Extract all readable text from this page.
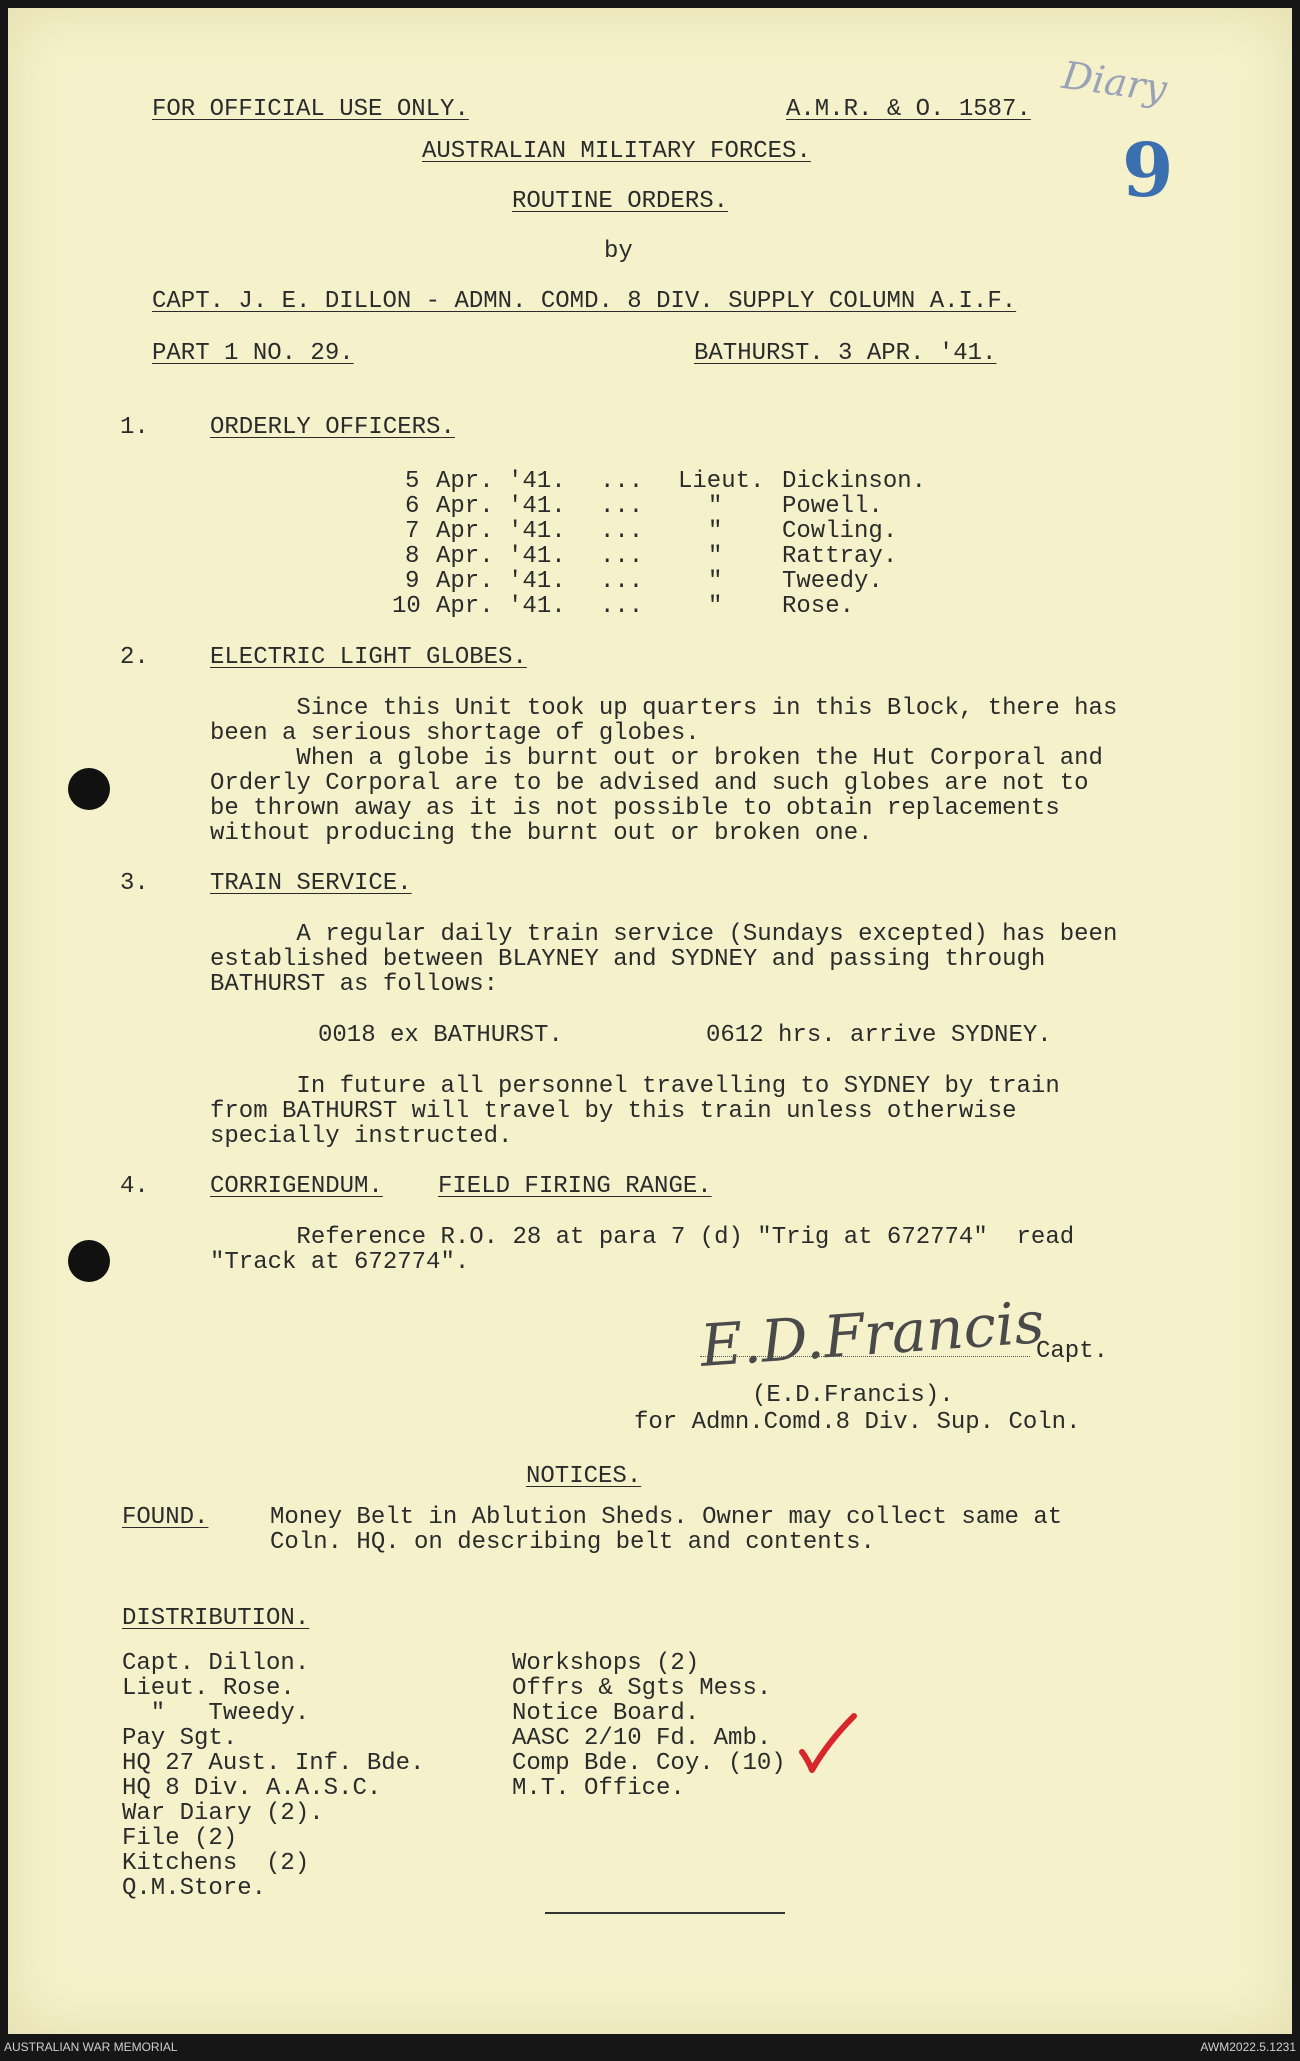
Diary
9
FOR OFFICIAL USE ONLY.	A.M.R. & O. 1587.
AUSTRALIAN MILITARY FORCES.
ROUTINE ORDERS.
by
CAPT. J. E. DILLON - ADMN. COMD. 8 DIV. SUPPLY COLUMN A.I.F.
PART 1 NO. 29.	BATHURST. 3 APR. '41.
1.	ORDERLY OFFICERS.
5 Apr. '41. ... Lieut. Dickinson.
6 Apr. '41. ...	" Powell.
7 Apr. '41. ...	" Cowling.
8 Apr. '41. ...	" Rattray.
9 Apr. '41. ...	" Tweedy.
10 Apr. '41. ...	" Rose.
2.	ELECTRIC LIGHT GLOBES.
Since this Unit took up quarters in this Block, there has
been a serious shortage of globes.
When a globe is burnt out or broken the Hut Corporal and
Orderly Corporal are to be advised and such globes are not to
be thrown away as it is not possible to obtain replacements
without producing the burnt out or broken one.
3.	TRAIN SERVICE.
A regular daily train service (Sundays excepted) has been
established between BLAYNEY and SYDNEY and passing through
BATHURST as follows:
0018 ex BATHURST.	0612 hrs. arrive SYDNEY.
In future all personnel travelling to SYDNEY by train
from BATHURST will travel by this train unless otherwise
specially instructed.
4.	CORRIGENDUM. FIELD FIRING RANGE.
Reference R.O. 28 at para 7 (d) "Trig at 672774"  read
"Track at 672774".
E.D.Francis
Capt.
(E.D.Francis).
for Admn.Comd.8 Div. Sup. Coln.
NOTICES.
FOUND.	Money Belt in Ablution Sheds. Owner may collect same at
Coln. HQ. on describing belt and contents.
DISTRIBUTION.
Capt. Dillon.
Lieut. Rose.
"   Tweedy.
Pay Sgt.
HQ 27 Aust. Inf. Bde.
HQ 8 Div. A.A.S.C.
War Diary (2).
File (2)
Kitchens  (2)
Q.M.Store.
Workshops (2)
Offrs & Sgts Mess.
Notice Board.
AASC 2/10 Fd. Amb.
Comp Bde. Coy. (10)
M.T. Office.
AUSTRALIAN WAR MEMORIAL	AWM2022.5.1231
